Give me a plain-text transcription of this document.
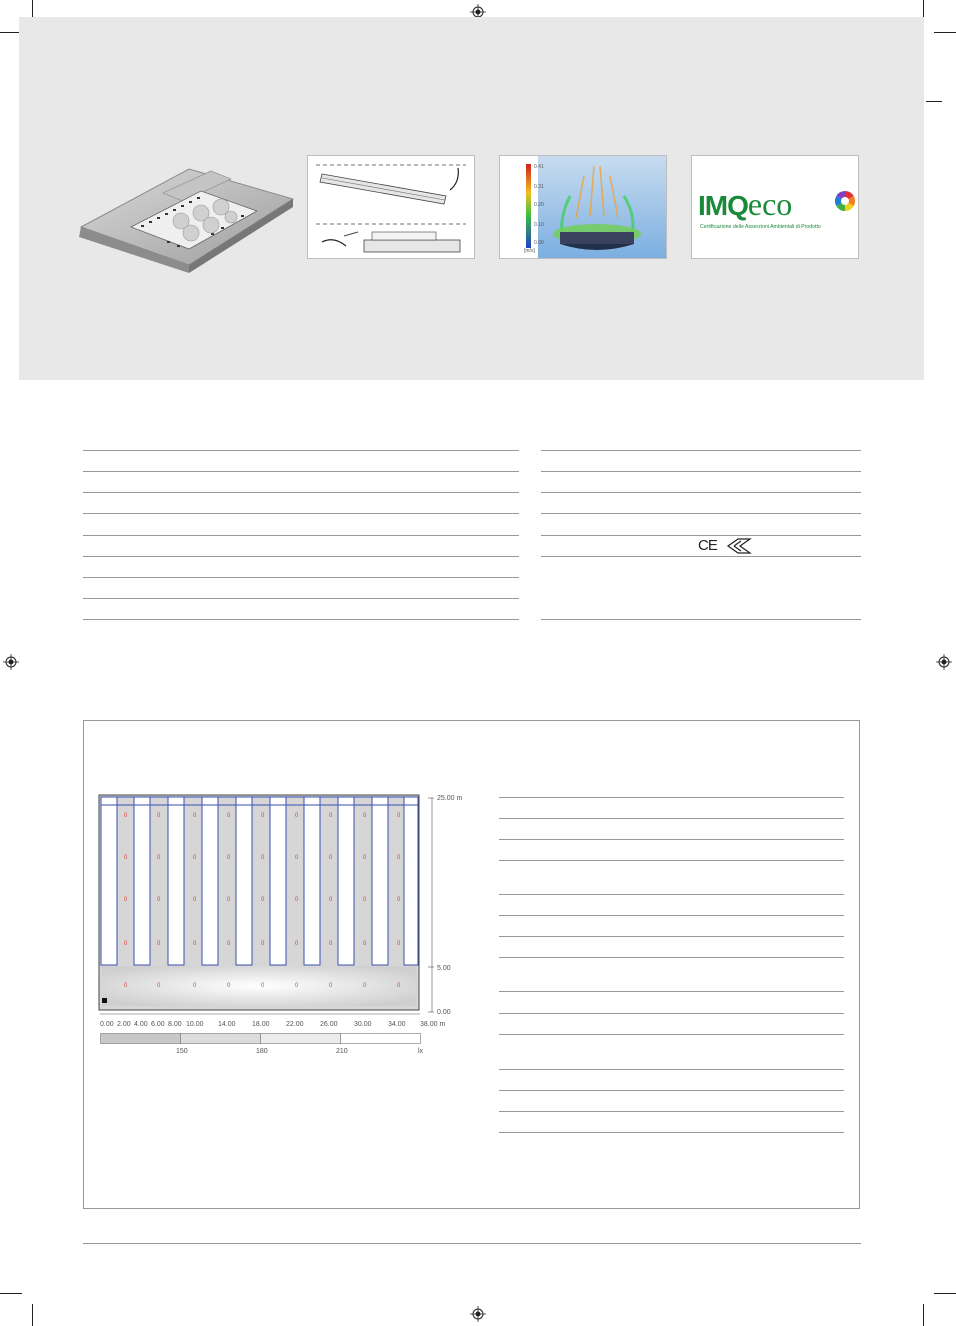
0.41
0.31
0.20
0.10
0.00
[m/s]
IMQeco
Certificazione delle Asserzioni Ambientali di Prodotto
CE
0	0	0	0	0	0	0	0	0
0	0	0	0	0	0	0	0	0
0	0	0	0	0	0	0	0	0
0	0	0	0	0	0	0	0	0
0	0	0	0	0	0	0	0	0
25.00 m
5.00
0.00
0.00 2.00 4.00 6.00 8.00 10.00 14.00 18.00 22.00 26.00 30.00 34.00 38.00 m
150	180	210	lx
